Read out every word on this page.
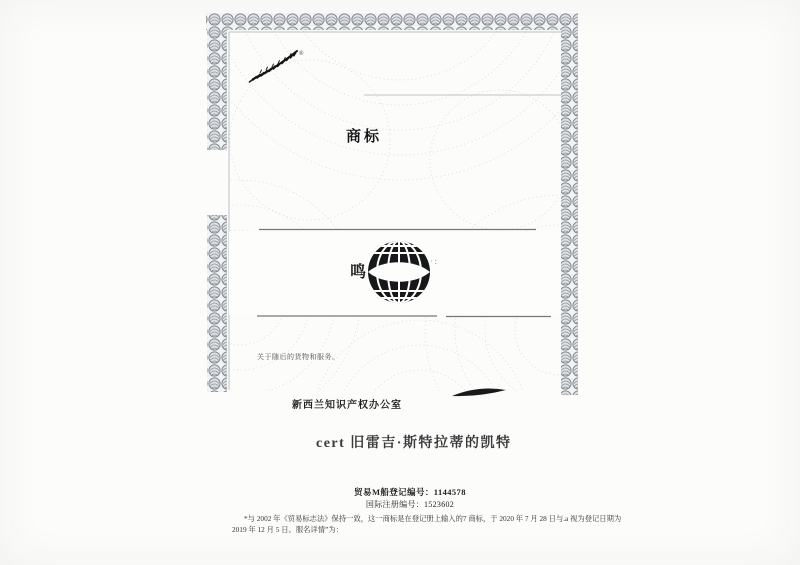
®
商标
鸣
·:
关于随后的货物和服务。
新西兰知识产权办公室
cert 旧雷吉·斯特拉蒂的凯特
贸易M船登记编号：1144578
国际注册编号：1523602
*与 2002 年《贸易标志法》保持一致，这一商标是在登记册上输入的7 商标，于 2020 年 7 月 28 日与.a 视为登记日期为
2019 年 12 月 5 日。服名详情”为：
